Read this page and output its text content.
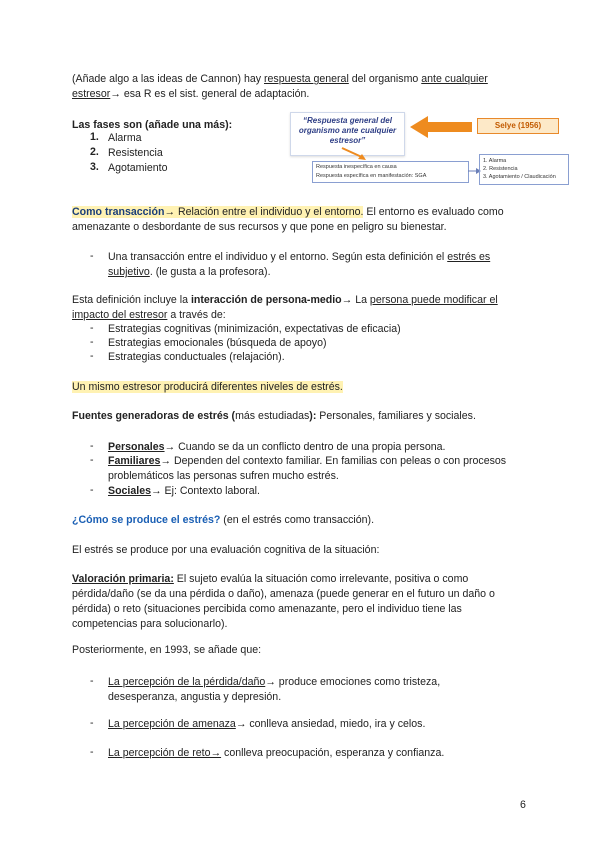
(Añade algo a las ideas de Cannon) hay respuesta general del organismo ante cualquier
estresor→ esa R es el sist. general de adaptación.

Las fases son (añade una más):

1. Alarma
2. Resistencia
3. Agotamiento
“Respuesta general del organismo ante cualquier estresor”
Selye (1956)
Respuesta inespecífica en causa
Respuesta específica en manifestación: SGA
1. Alarma
2. Resistencia
3. Agotamiento / Claudicación

Como transacción→ Relación entre el individuo y el entorno. El entorno es evaluado como
amenazante o desbordante de sus recursos y que pone en peligro su bienestar.

- Una transacción entre el individuo y el entorno. Según esta definición el estrés es
subjetivo. (le gusta a la profesora).

Esta definición incluye la interacción de persona-medio→ La persona puede modificar el
impacto del estresor a través de:

- Estrategias cognitivas (minimización, expectativas de eficacia)
- Estrategias emocionales (búsqueda de apoyo)
- Estrategias conductuales (relajación).

Un mismo estresor producirá diferentes niveles de estrés.

Fuentes generadoras de estrés (más estudiadas): Personales, familiares y sociales.

- Personales→ Cuando se da un conflicto dentro de una propia persona.

- Familiares→ Dependen del contexto familiar. En familias con peleas o con procesos
problemáticos las personas sufren mucho estrés.

- Sociales→ Ej: Contexto laboral.

¿Cómo se produce el estrés? (en el estrés como transacción).

El estrés se produce por una evaluación cognitiva de la situación:

Valoración primaria: El sujeto evalúa la situación como irrelevante, positiva o como
pérdida/daño (se da una pérdida o daño), amenaza (puede generar en el futuro un daño o
pérdida) o reto (situaciones percibida como amenazante, pero el individuo tiene las
competencias para solucionarlo).

Posteriormente, en 1993, se añade que:

- La percepción de la pérdida/daño→ produce emociones como tristeza,
desesperanza, angustia y depresión.

- La percepción de amenaza→ conlleva ansiedad, miedo, ira y celos.

- La percepción de reto→ conlleva preocupación, esperanza y confianza.

6
